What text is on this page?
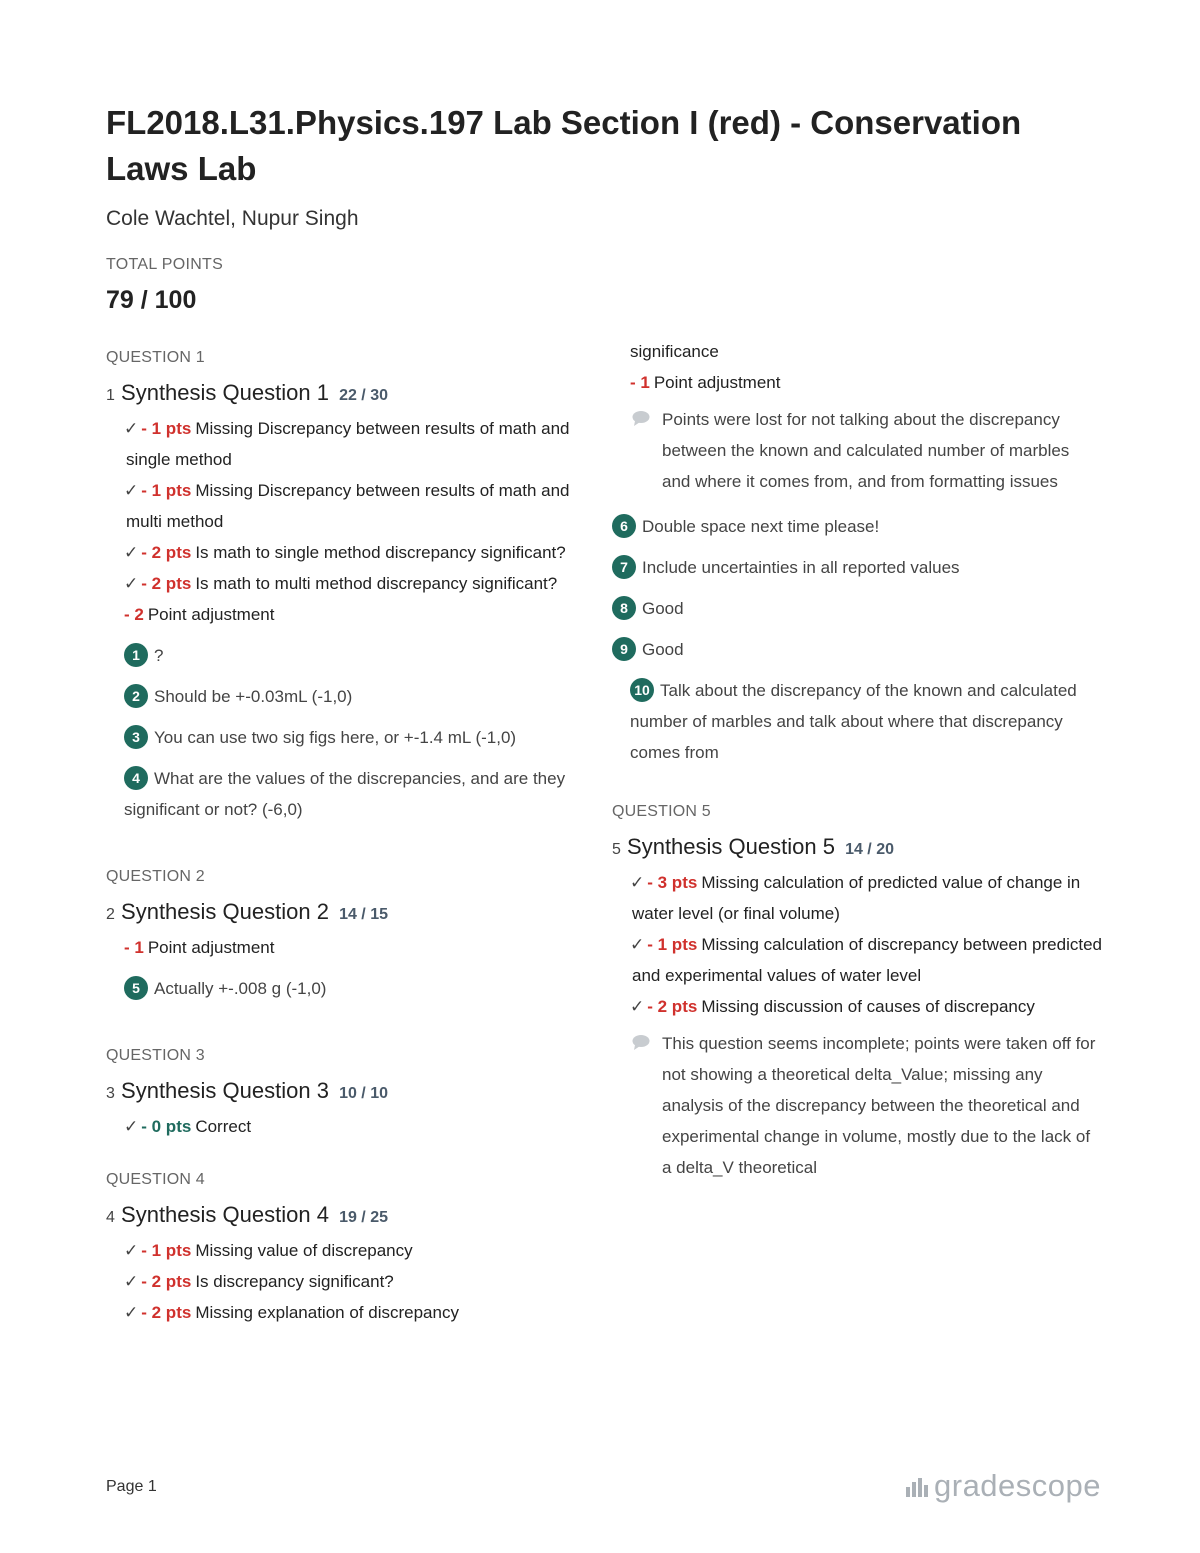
FL2018.L31.Physics.197 Lab Section I (red) - Conservation Laws Lab
Cole Wachtel, Nupur Singh
TOTAL POINTS
79 / 100
QUESTION 1
1 Synthesis Question 1 22 / 30
✓ - 1 pts Missing Discrepancy between results of math and single method
✓ - 1 pts Missing Discrepancy between results of math and multi method
✓ - 2 pts Is math to single method discrepancy significant?
✓ - 2 pts Is math to multi method discrepancy significant?
- 2 Point adjustment
1 ?
2 Should be +-0.03mL (-1,0)
3 You can use two sig figs here, or +-1.4 mL (-1,0)
4 What are the values of the discrepancies, and are they significant or not? (-6,0)
QUESTION 2
2 Synthesis Question 2 14 / 15
- 1 Point adjustment
5 Actually +-.008 g (-1,0)
QUESTION 3
3 Synthesis Question 3 10 / 10
✓ - 0 pts Correct
QUESTION 4
4 Synthesis Question 4 19 / 25
✓ - 1 pts Missing value of discrepancy
✓ - 2 pts Is discrepancy significant?
✓ - 2 pts Missing explanation of discrepancy
significance
- 1 Point adjustment
Points were lost for not talking about the discrepancy between the known and calculated number of marbles and where it comes from, and from formatting issues
6 Double space next time please!
7 Include uncertainties in all reported values
8 Good
9 Good
10 Talk about the discrepancy of the known and calculated number of marbles and talk about where that discrepancy comes from
QUESTION 5
5 Synthesis Question 5 14 / 20
✓ - 3 pts Missing calculation of predicted value of change in water level (or final volume)
✓ - 1 pts Missing calculation of discrepancy between predicted and experimental values of water level
✓ - 2 pts Missing discussion of causes of discrepancy
This question seems incomplete; points were taken off for not showing a theoretical delta_Value; missing any analysis of the discrepancy between the theoretical and experimental change in volume, mostly due to the lack of a delta_V theoretical
Page 1	gradescope
